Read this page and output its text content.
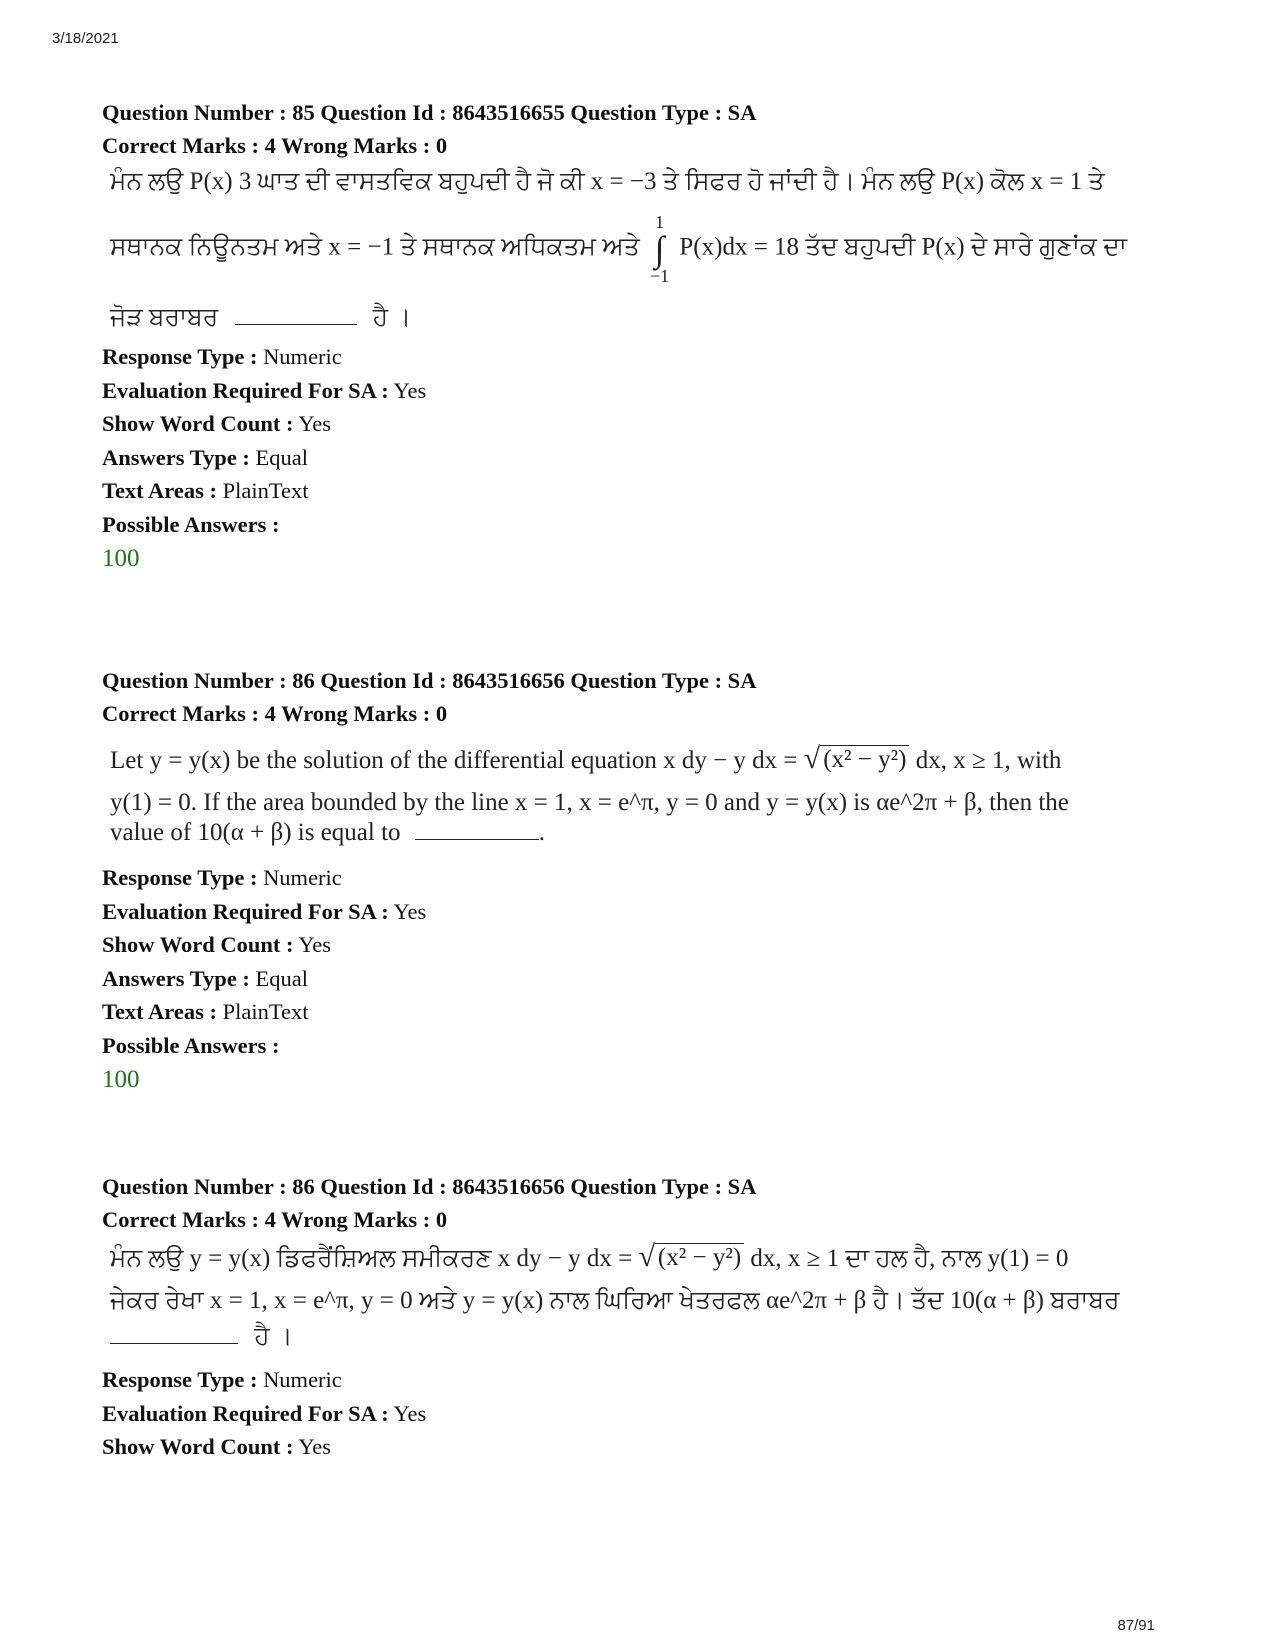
3/18/2021

Question Number : 85 Question Id : 8643516655 Question Type : SA

Correct Marks : 4 Wrong Marks : 0

ਮੰਨ ਲਉ P(x) 3 ਘਾਤ ਦੀ ਵਾਸਤਵਿਕ ਬਹੁਪਦੀ ਹੈ ਜੋ ਕੀ x = −3 ਤੇ ਸਿਫਰ ਹੋ ਜਾਂਦੀ ਹੈ। ਮੰਨ ਲਉ P(x) ਕੋਲ x = 1 ਤੇ
ਸਥਾਨਕ ਨਿਊਨਤਮ ਅਤੇ x = −1 ਤੇ ਸਥਾਨਕ ਅਧਿਕਤਮ ਅਤੇ
1
∫
−1
P(x)dx = 18 ਤੱਦ ਬਹੁਪਦੀ P(x) ਦੇ ਸਾਰੇ ਗੁਣਾਂਕ ਦਾ
ਜੋੜ ਬਰਾਬਰ	ਹੈ ।

Response Type : Numeric

Evaluation Required For SA : Yes

Show Word Count : Yes

Answers Type : Equal

Text Areas : PlainText

Possible Answers :

100

Question Number : 86 Question Id : 8643516656 Question Type : SA

Correct Marks : 4 Wrong Marks : 0

Let y = y(x) be the solution of the differential equation x dy − y dx = √ (x² − y²) dx, x ≥ 1, with
y(1) = 0. If the area bounded by the line x = 1, x = e^π, y = 0 and y = y(x) is αe^2π + β, then the
value of 10(α + β) is equal to	.

Response Type : Numeric

Evaluation Required For SA : Yes

Show Word Count : Yes

Answers Type : Equal

Text Areas : PlainText

Possible Answers :

100

Question Number : 86 Question Id : 8643516656 Question Type : SA

Correct Marks : 4 Wrong Marks : 0

ਮੰਨ ਲਉ y = y(x) ਡਿਫਰੈਂਸ਼ਿਅਲ ਸਮੀਕਰਣ x dy − y dx = √ (x² − y²) dx, x ≥ 1 ਦਾ ਹਲ ਹੈ, ਨਾਲ y(1) = 0
ਜੇਕਰ ਰੇਖਾ x = 1, x = e^π, y = 0 ਅਤੇ y = y(x) ਨਾਲ ਘਿਰਿਆ ਖੇਤਰਫਲ αe^2π + β ਹੈ। ਤੱਦ 10(α + β) ਬਰਾਬਰ
ਹੈ ।

Response Type : Numeric

Evaluation Required For SA : Yes

Show Word Count : Yes

87/91
